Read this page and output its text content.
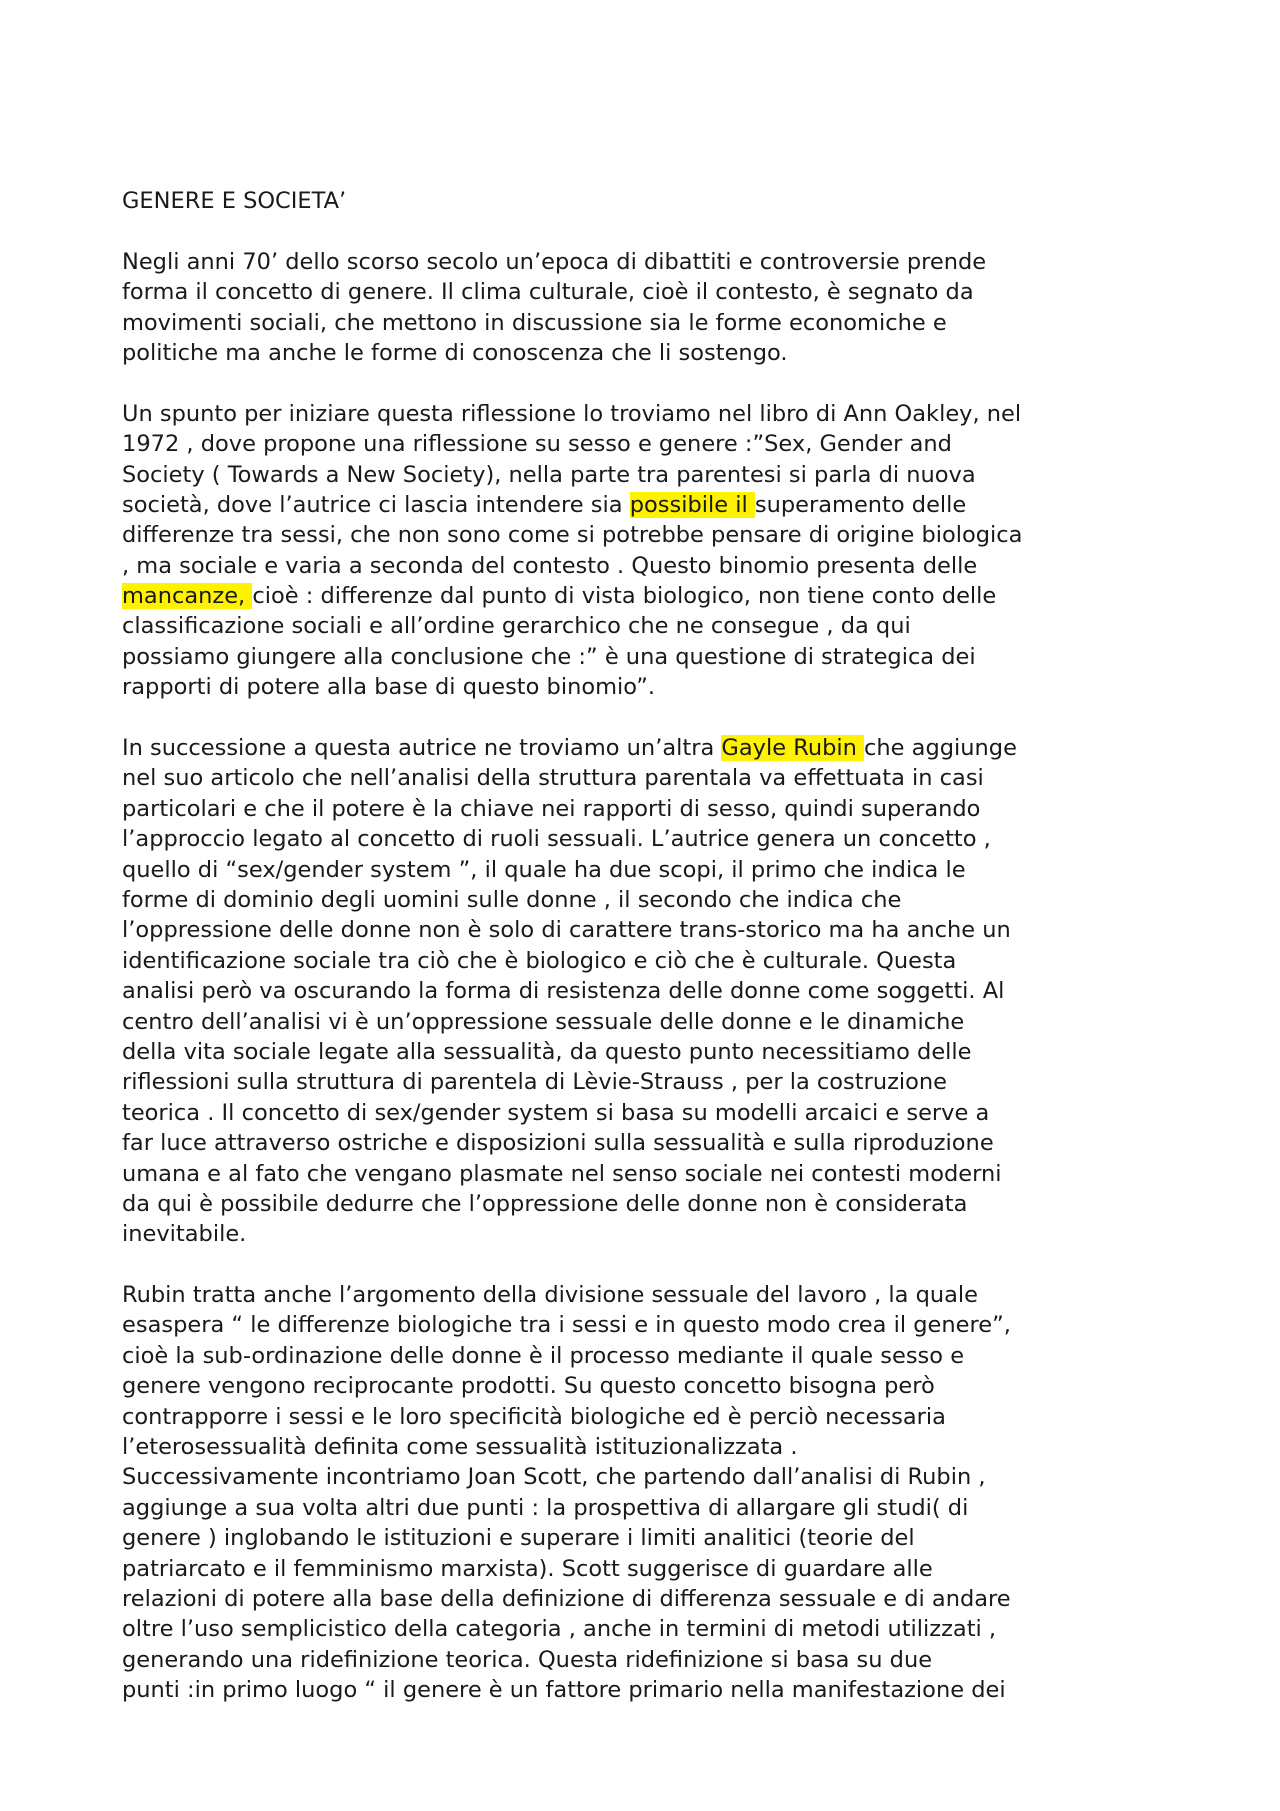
GENERE E SOCIETA’

Negli anni 70’ dello scorso secolo un’epoca di dibattiti e controversie prende
forma il concetto di genere. Il clima culturale, cioè il contesto, è segnato da
movimenti sociali, che mettono in discussione sia le forme economiche e
politiche ma anche le forme di conoscenza che li sostengo.

Un spunto per iniziare questa riflessione lo troviamo nel libro di Ann Oakley, nel
1972 , dove propone una riflessione su sesso e genere :”Sex, Gender and
Society ( Towards a New Society), nella parte tra parentesi si parla di nuova
società, dove l’autrice ci lascia intendere sia possibile il superamento delle
differenze tra sessi, che non sono come si potrebbe pensare di origine biologica
, ma sociale e varia a seconda del contesto . Questo binomio presenta delle
mancanze, cioè : differenze dal punto di vista biologico, non tiene conto delle
classificazione sociali e all’ordine gerarchico che ne consegue , da qui
possiamo giungere alla conclusione che :” è una questione di strategica dei
rapporti di potere alla base di questo binomio”.

In successione a questa autrice ne troviamo un’altra Gayle Rubin che aggiunge
nel suo articolo che nell’analisi della struttura parentala va effettuata in casi
particolari e che il potere è la chiave nei rapporti di sesso, quindi superando
l’approccio legato al concetto di ruoli sessuali. L’autrice genera un concetto ,
quello di “sex/gender system ”, il quale ha due scopi, il primo che indica le
forme di dominio degli uomini sulle donne , il secondo che indica che
l’oppressione delle donne non è solo di carattere trans-storico ma ha anche un
identificazione sociale tra ciò che è biologico e ciò che è culturale. Questa
analisi però va oscurando la forma di resistenza delle donne come soggetti. Al
centro dell’analisi vi è un’oppressione sessuale delle donne e le dinamiche
della vita sociale legate alla sessualità, da questo punto necessitiamo delle
riflessioni sulla struttura di parentela di Lèvie-Strauss , per la costruzione
teorica . Il concetto di sex/gender system si basa su modelli arcaici e serve a
far luce attraverso ostriche e disposizioni sulla sessualità e sulla riproduzione
umana e al fato che vengano plasmate nel senso sociale nei contesti moderni
da qui è possibile dedurre che l’oppressione delle donne non è considerata
inevitabile.

Rubin tratta anche l’argomento della divisione sessuale del lavoro , la quale
esaspera “ le differenze biologiche tra i sessi e in questo modo crea il genere”,
cioè la sub-ordinazione delle donne è il processo mediante il quale sesso e
genere vengono reciprocante prodotti. Su questo concetto bisogna però
contrapporre i sessi e le loro specificità biologiche ed è perciò necessaria
l’eterosessualità definita come sessualità istituzionalizzata .
Successivamente incontriamo Joan Scott, che partendo dall’analisi di Rubin ,
aggiunge a sua volta altri due punti : la prospettiva di allargare gli studi( di
genere ) inglobando le istituzioni e superare i limiti analitici (teorie del
patriarcato e il femminismo marxista). Scott suggerisce di guardare alle
relazioni di potere alla base della definizione di differenza sessuale e di andare
oltre l’uso semplicistico della categoria , anche in termini di metodi utilizzati ,
generando una ridefinizione teorica. Questa ridefinizione si basa su due
punti :in primo luogo “ il genere è un fattore primario nella manifestazione dei
